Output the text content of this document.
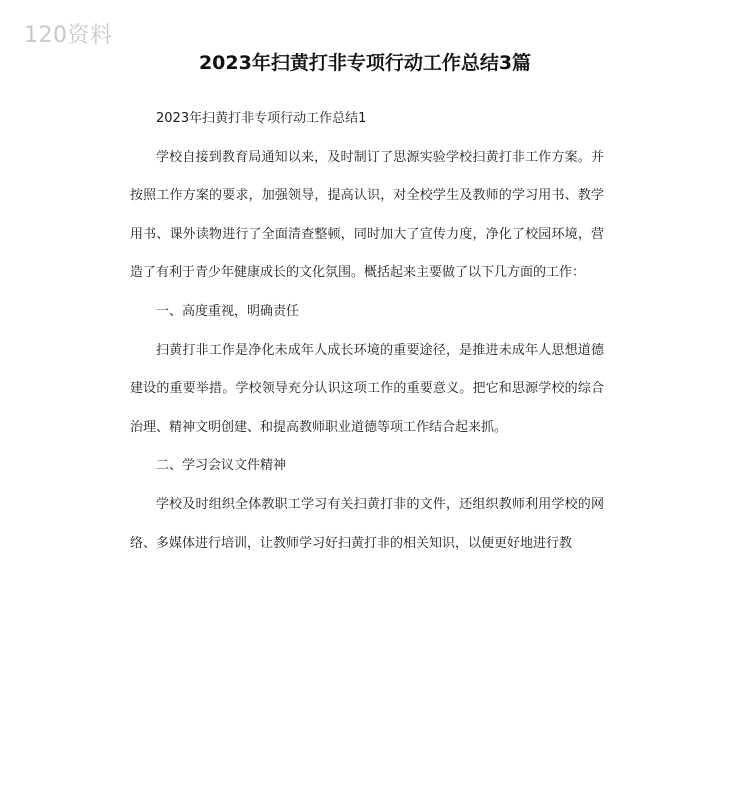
120资料
2023年扫黄打非专项行动工作总结3篇

2023年扫黄打非专项行动工作总结1

学校自接到教育局通知以来，及时制订了思源实验学校扫黄打非工作方案。并按照工作方案的要求，加强领导，提高认识，对全校学生及教师的学习用书、教学用书、课外读物进行了全面清查整顿，同时加大了宣传力度，净化了校园环境，营造了有利于青少年健康成长的文化氛围。概括起来主要做了以下几方面的工作：

一、高度重视，明确责任

扫黄打非工作是净化未成年人成长环境的重要途径，是推进未成年人思想道德建设的重要举措。学校领导充分认识这项工作的重要意义。把它和思源学校的综合治理、精神文明创建、和提高教师职业道德等项工作结合起来抓。

二、学习会议文件精神

学校及时组织全体教职工学习有关扫黄打非的文件，还组织教师利用学校的网络、多媒体进行培训，让教师学习好扫黄打非的相关知识，以便更好地进行教
